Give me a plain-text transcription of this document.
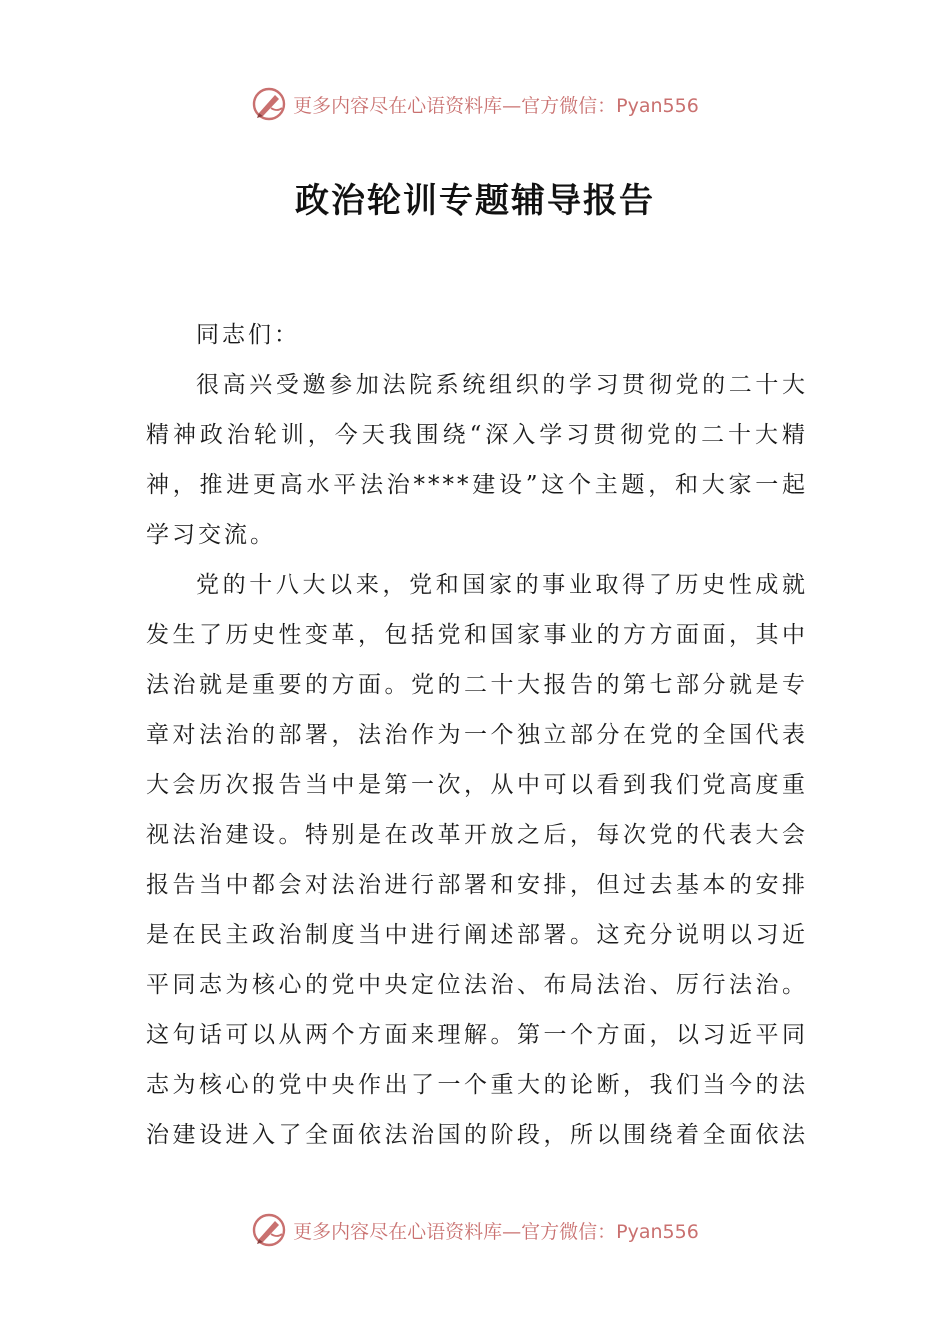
更多内容尽在心语资料库—官方微信：Pyan556
政治轮训专题辅导报告

同志们：

很高兴受邀参加法院系统组织的学习贯彻党的二十大
精神政治轮训，今天我围绕“深入学习贯彻党的二十大精
神，推进更高水平法治****建设”这个主题，和大家一起
学习交流。

党的十八大以来，党和国家的事业取得了历史性成就
发生了历史性变革，包括党和国家事业的方方面面，其中
法治就是重要的方面。党的二十大报告的第七部分就是专
章对法治的部署，法治作为一个独立部分在党的全国代表
大会历次报告当中是第一次，从中可以看到我们党高度重
视法治建设。特别是在改革开放之后，每次党的代表大会
报告当中都会对法治进行部署和安排，但过去基本的安排
是在民主政治制度当中进行阐述部署。这充分说明以习近
平同志为核心的党中央定位法治、布局法治、厉行法治。
这句话可以从两个方面来理解。第一个方面，以习近平同
志为核心的党中央作出了一个重大的论断，我们当今的法
治建设进入了全面依法治国的阶段，所以围绕着全面依法

更多内容尽在心语资料库—官方微信：Pyan556
